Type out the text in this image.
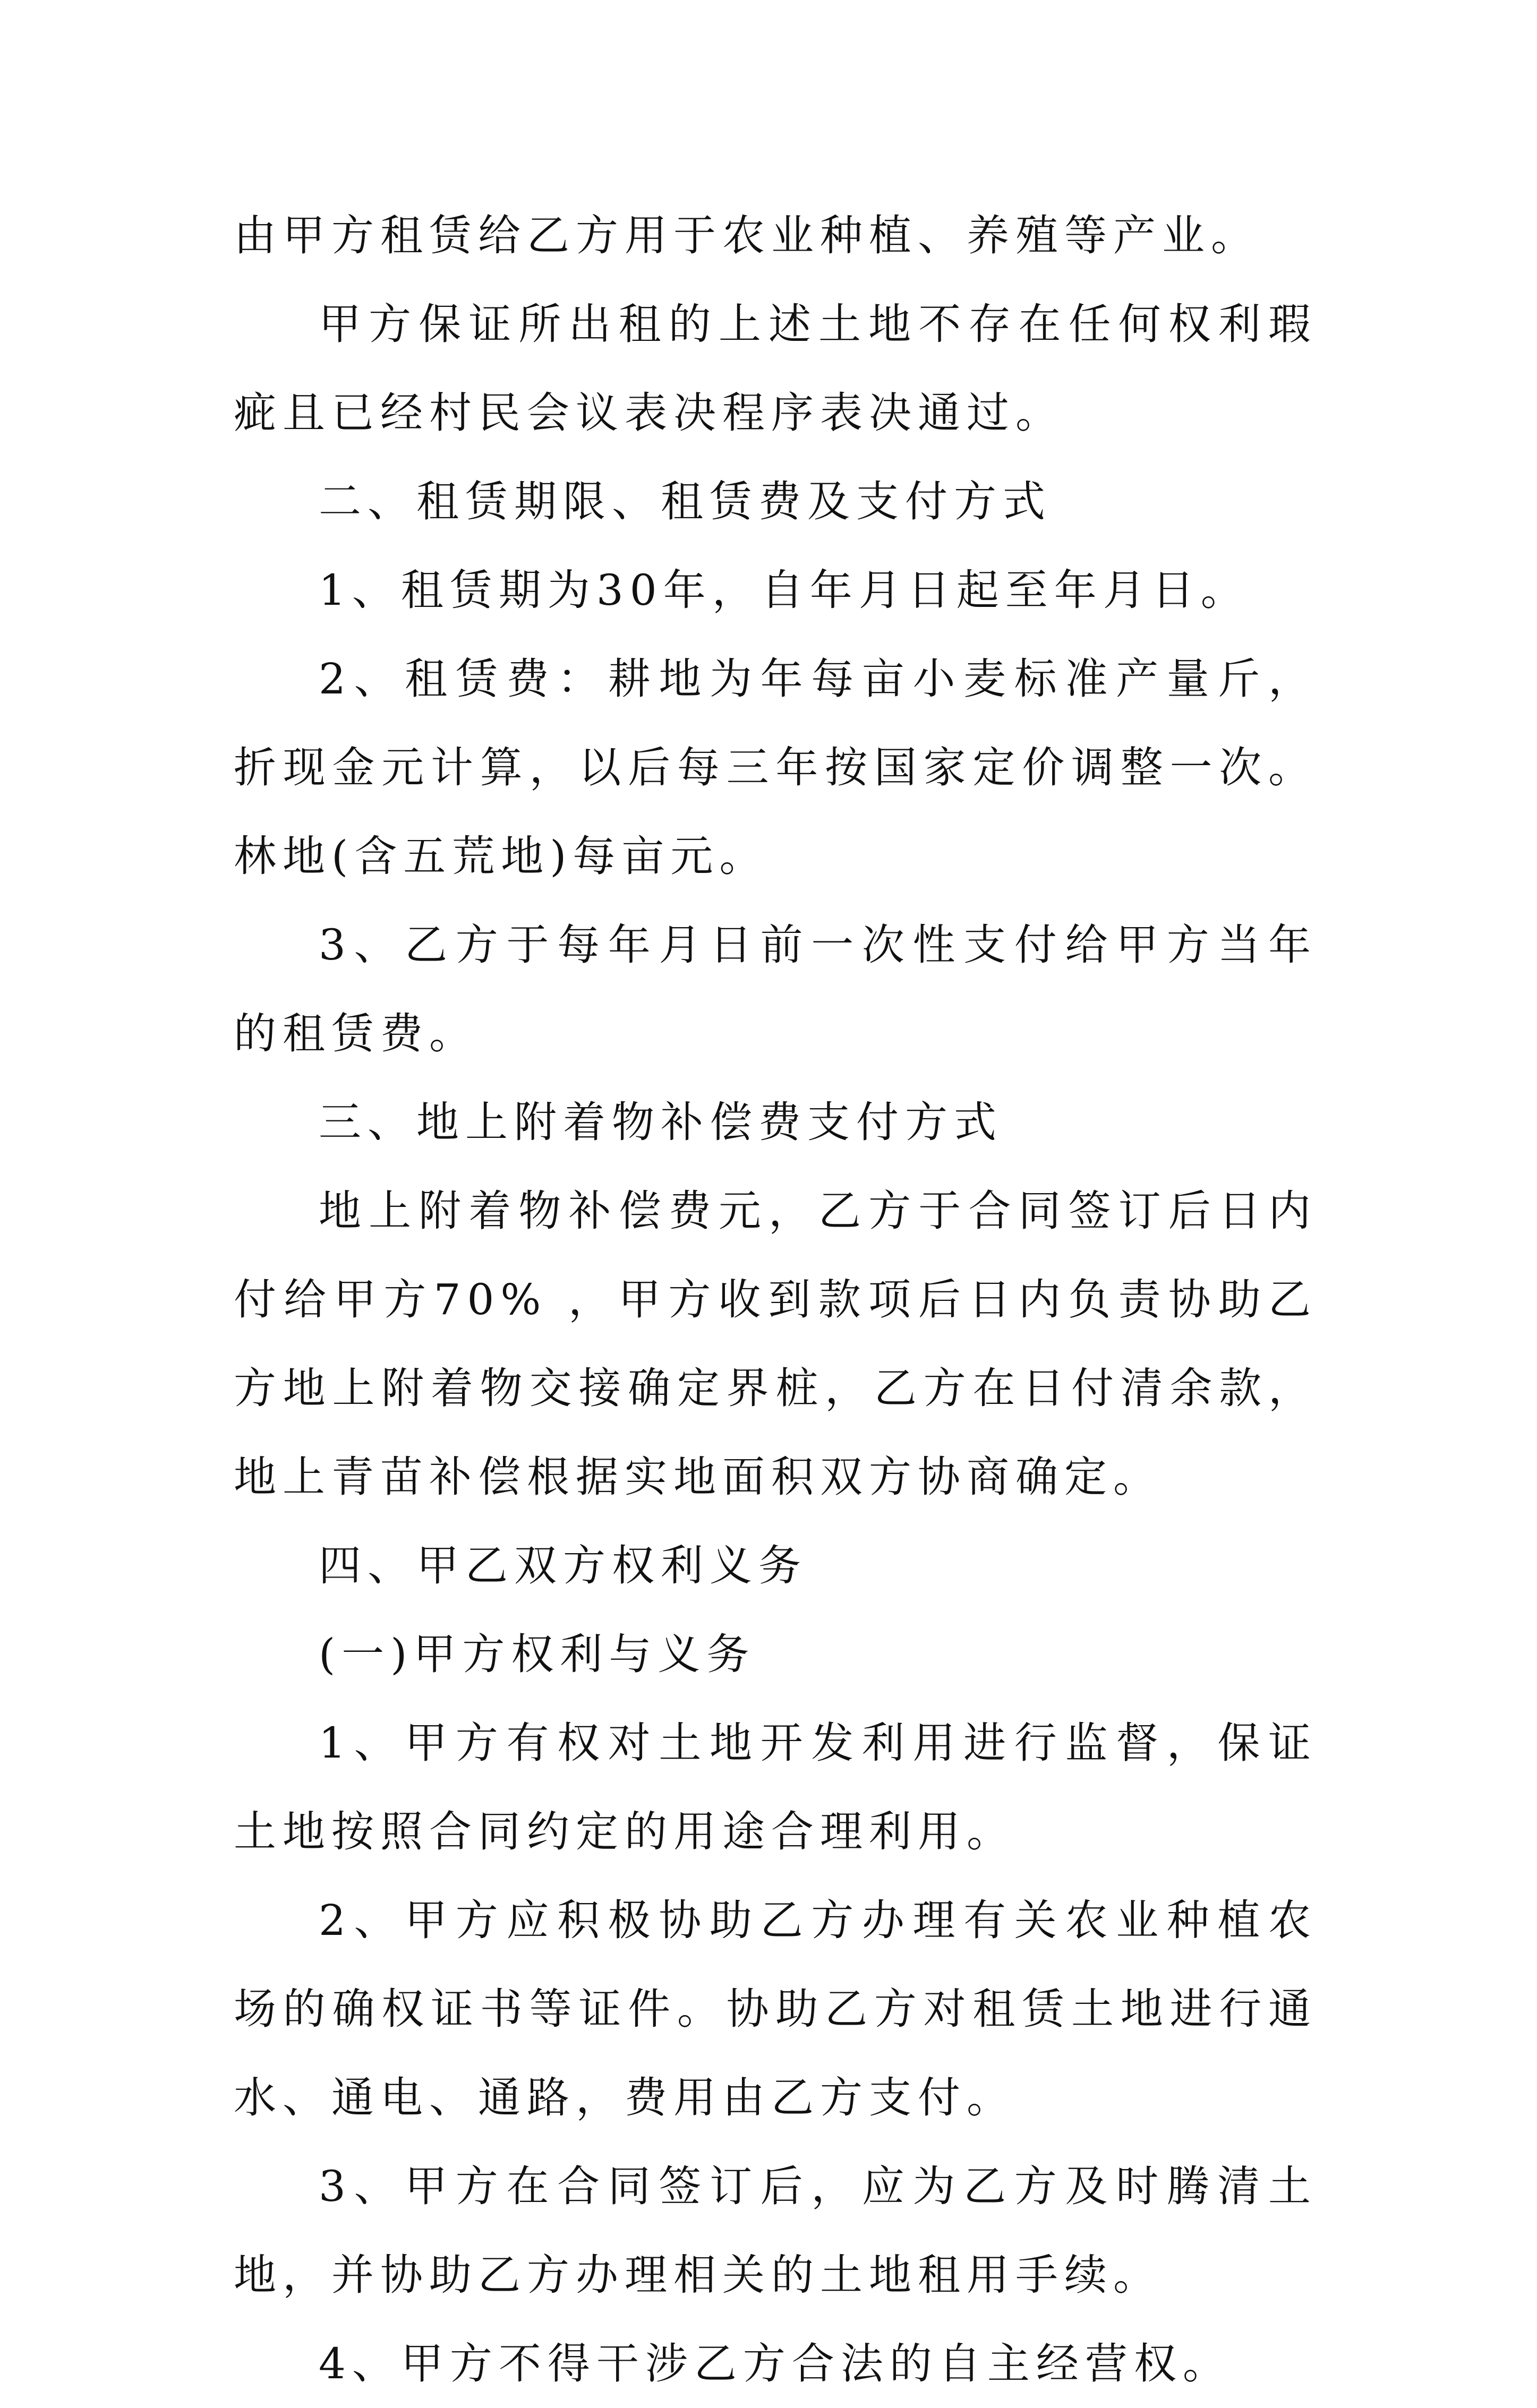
由甲方租赁给乙方用于农业种植、养殖等产业。

甲方保证所出租的上述土地不存在任何权利瑕疵且已经村民会议表决程序表决通过。

二、租赁期限、租赁费及支付方式

1、租赁期为30年，自年月日起至年月日。

2、租赁费：耕地为年每亩小麦标准产量斤，折现金元计算，以后每三年按国家定价调整一次。林地(含五荒地)每亩元。

3、乙方于每年月日前一次性支付给甲方当年的租赁费。

三、地上附着物补偿费支付方式

地上附着物补偿费元，乙方于合同签订后日内付给甲方70% ，甲方收到款项后日内负责协助乙方地上附着物交接确定界桩，乙方在日付清余款，地上青苗补偿根据实地面积双方协商确定。

四、甲乙双方权利义务

(一)甲方权利与义务

1、甲方有权对土地开发利用进行监督，保证土地按照合同约定的用途合理利用。

2、甲方应积极协助乙方办理有关农业种植农场的确权证书等证件。协助乙方对租赁土地进行通水、通电、通路，费用由乙方支付。

3、甲方在合同签订后，应为乙方及时腾清土地，并协助乙方办理相关的土地租用手续。

4、甲方不得干涉乙方合法的自主经营权。
